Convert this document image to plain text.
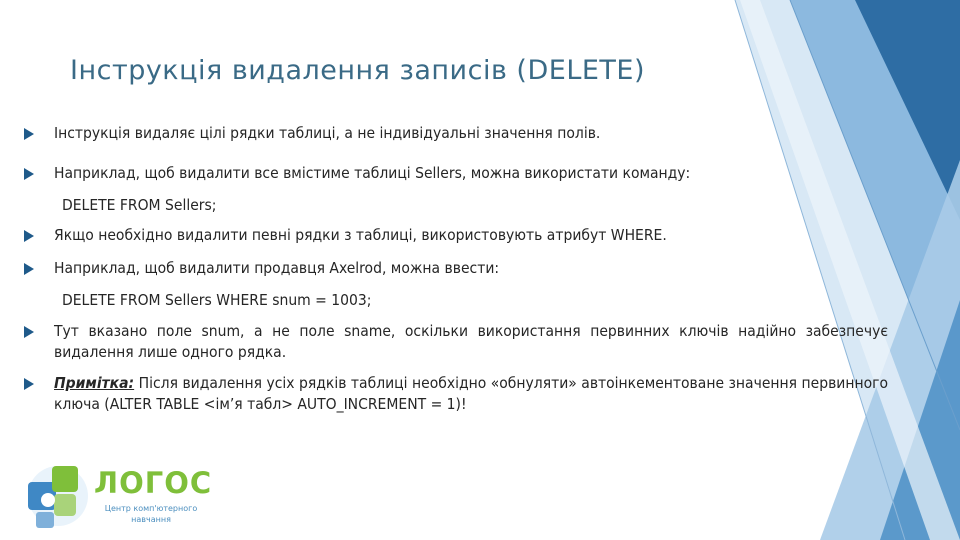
Інструкція видалення записів (DELETE)
Інструкція видаляє цілі рядки таблиці, а не індивідуальні значення полів.
Наприклад, щоб видалити все вмістиме таблиці Sellers, можна використати команду:
DELETE FROM Sellers;
Якщо необхідно видалити певні рядки з таблиці, використовують атрибут WHERE.
Наприклад, щоб видалити продавця Axelrod, можна ввести:
DELETE FROM Sellers WHERE snum = 1003;
Тут вказано поле snum, а не поле sname, оскільки використання первинних ключів надійно забезпечує видалення лише одного рядка.
Примітка: Після видалення усіх рядків таблиці необхідно «обнуляти» автоінкементоване значення первинного ключа (ALTER TABLE <ім’я табл> AUTO_INCREMENT = 1)!
ЛОГОС
Центр комп'ютерного навчання
